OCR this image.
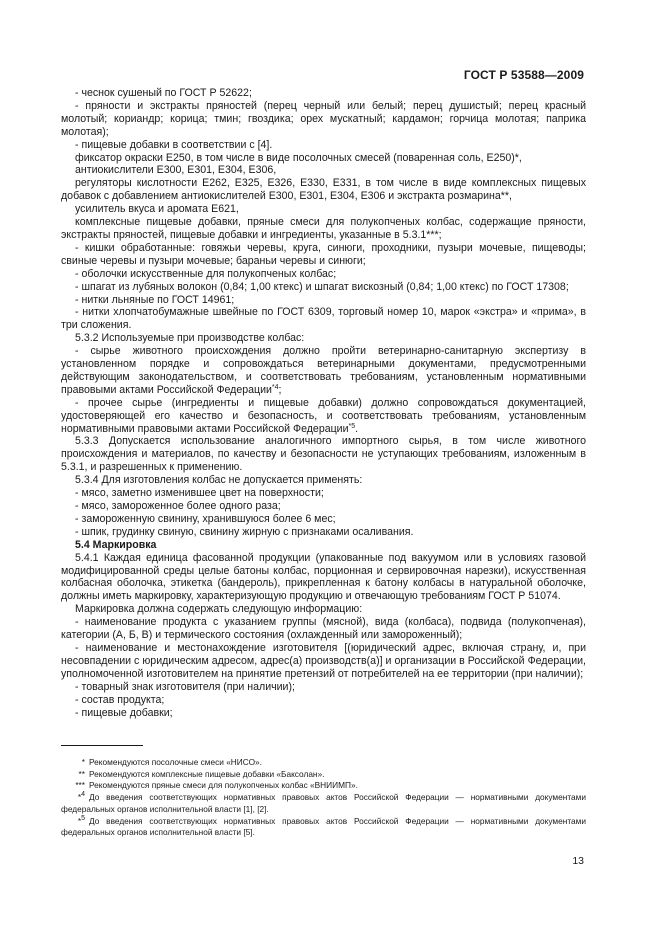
ГОСТ Р 53588—2009

- чеснок сушеный по ГОСТ Р 52622;

- пряности и экстракты пряностей (перец черный или белый; перец душистый; перец красный молотый; кориандр; корица; тмин; гвоздика; орех мускатный; кардамон; горчица молотая; паприка молотая);

- пищевые добавки в соответствии с [4].

фиксатор окраски Е250, в том числе в виде посолочных смесей (поваренная соль, Е250)*,

антиокислители Е300, Е301, Е304, Е306,

регуляторы кислотности Е262, Е325, Е326, Е330, Е331, в том числе в виде комплексных пищевых добавок с добавлением антиокислителей Е300, Е301, Е304, Е306 и экстракта розмарина**,

усилитель вкуса и аромата Е621,

комплексные пищевые добавки, пряные смеси для полукопченых колбас, содержащие пряности, экстракты пряностей, пищевые добавки и ингредиенты, указанные в 5.3.1***;

- кишки обработанные: говяжьи черевы, круга, синюги, проходники, пузыри мочевые, пищеводы; свиные черевы и пузыри мочевые; бараньи черевы и синюги;

- оболочки искусственные для полукопченых колбас;

- шпагат из лубяных волокон (0,84; 1,00 ктекс) и шпагат вискозный (0,84; 1,00 ктекс) по ГОСТ 17308;

- нитки льняные по ГОСТ 14961;

- нитки хлопчатобумажные швейные по ГОСТ 6309, торговый номер 10, марок «экстра» и «прима», в три сложения.

5.3.2 Используемые при производстве колбас:

- сырье животного происхождения должно пройти ветеринарно-санитарную экспертизу в установленном порядке и сопровождаться ветеринарными документами, предусмотренными действующим законодательством, и соответствовать требованиям, установленным нормативными правовыми актами Российской Федерации$^{*4}$;

- прочее сырье (ингредиенты и пищевые добавки) должно сопровождаться документацией, удостоверяющей его качество и безопасность, и соответствовать требованиям, установленным нормативными правовыми актами Российской Федерации$^{*5}$.

5.3.3 Допускается использование аналогичного импортного сырья, в том числе животного происхождения и материалов, по качеству и безопасности не уступающих требованиям, изложенным в 5.3.1, и разрешенных к применению.

5.3.4 Для изготовления колбас не допускается применять:

- мясо, заметно изменившее цвет на поверхности;

- мясо, замороженное более одного раза;

- замороженную свинину, хранившуюся более 6 мес;

- шпик, грудинку свиную, свинину жирную с признаками осаливания.

5.4 Маркировка

5.4.1 Каждая единица фасованной продукции (упакованные под вакуумом или в условиях газовой модифицированной среды целые батоны колбас, порционная и сервировочная нарезки), искусственная колбасная оболочка, этикетка (бандероль), прикрепленная к батону колбасы в натуральной оболочке, должны иметь маркировку, характеризующую продукцию и отвечающую требованиям ГОСТ Р 51074.

Маркировка должна содержать следующую информацию:

- наименование продукта с указанием группы (мясной), вида (колбаса), подвида (полукопченая), категории (А, Б, В) и термического состояния (охлажденный или замороженный);

- наименование и местонахождение изготовителя [(юридический адрес, включая страну, и, при несовпадении с юридическим адресом, адрес(а) производств(а)] и организации в Российской Федерации, уполномоченной изготовителем на принятие претензий от потребителей на ее территории (при наличии);

- товарный знак изготовителя (при наличии);

- состав продукта;

- пищевые добавки;

* Рекомендуются посолочные смеси «НИСО».

** Рекомендуются комплексные пищевые добавки «Баксолан».

*** Рекомендуются пряные смеси для полукопченых колбас «ВНИИМП».

*$^4$ До введения соответствующих нормативных правовых актов Российской Федерации — нормативными документами федеральных органов исполнительной власти [1], [2].

*$^5$ До введения соответствующих нормативных правовых актов Российской Федерации — нормативными документами федеральных органов исполнительной власти [5].

13
